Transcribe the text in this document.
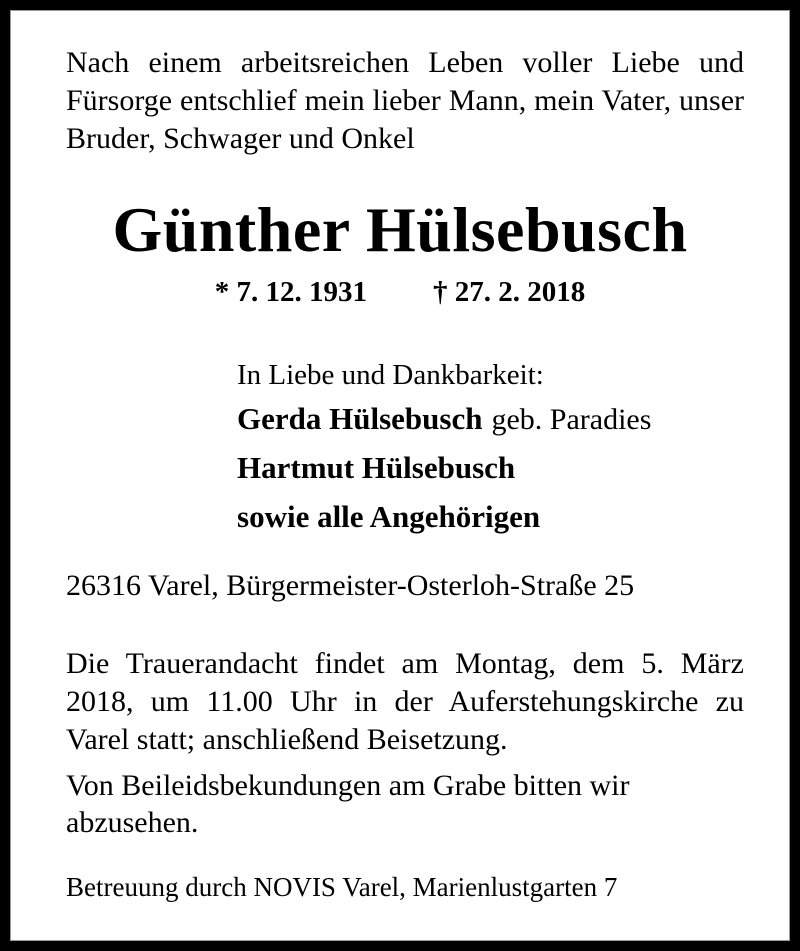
Nach einem arbeitsreichen Leben voller Liebe und Fürsorge entschlief mein lieber Mann, mein Vater, unser Bruder, Schwager und Onkel

Günther Hülsebusch
* 7. 12. 1931 † 27. 2. 2018
In Liebe und Dankbarkeit:
Gerda Hülsebusch geb. Paradies
Hartmut Hülsebusch
sowie alle Angehörigen
26316 Varel, Bürgermeister-Osterloh-Straße 25

Die Trauerandacht findet am Montag, dem 5. März 2018, um 11.00 Uhr in der Auferstehungskirche zu Varel statt; anschließend Beisetzung.

Von Beileidsbekundungen am Grabe bitten wir abzusehen.

Betreuung durch NOVIS Varel, Marienlustgarten 7
